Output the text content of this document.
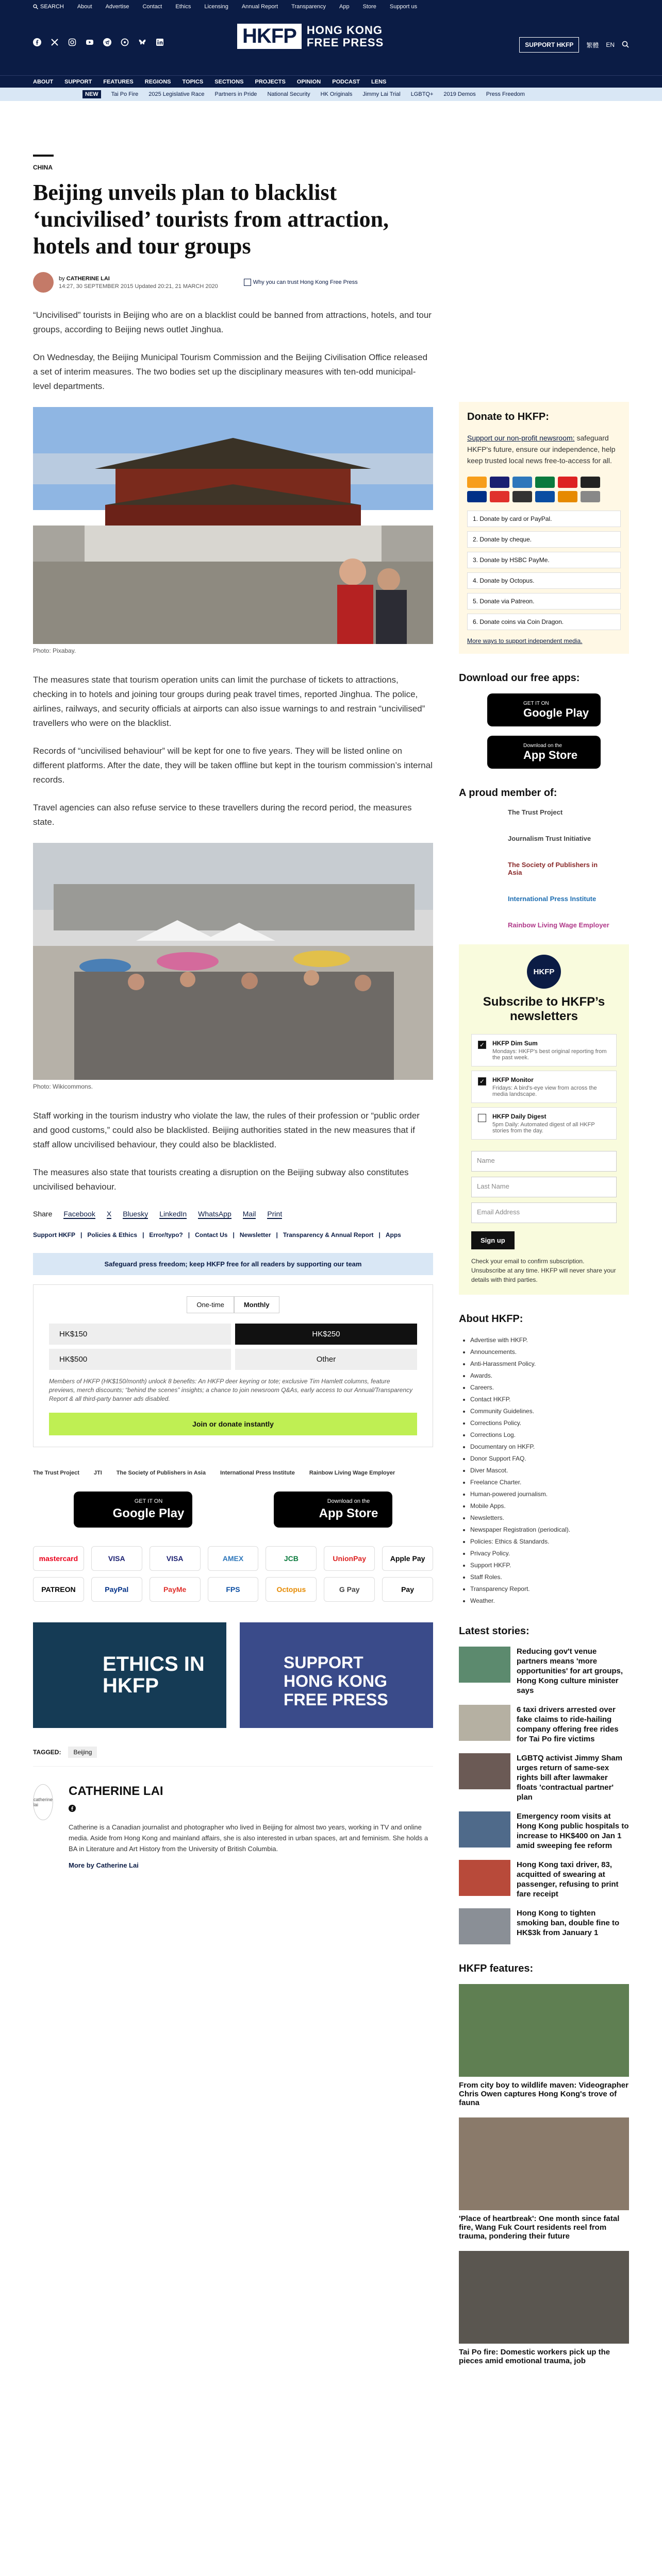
SEARCH About Advertise Contact Ethics Licensing Annual Report Transparency App Store Support us
HKFP HONG KONG
FREE PRESS	SUPPORT HKFP	繁體 EN
ABOUT SUPPORT FEATURES REGIONS TOPICS SECTIONS PROJECTS OPINION PODCAST LENS
NEW	Tai Po Fire 2025 Legislative Race Partners in Pride National Security HK Originals Jimmy Lai Trial LGBTQ+ 2019 Demos Press Freedom
CHINA
Beijing unveils plan to blacklist ‘uncivilised’ tourists from attraction, hotels and tour groups
by CATHERINE LAI
14:27, 30 SEPTEMBER 2015 Updated 20:21, 21 MARCH 2020
Why you can trust Hong Kong Free Press

“Uncivilised” tourists in Beijing who are on a blacklist could be banned from attractions, hotels, and tour groups, according to Beijing news outlet Jinghua.

On Wednesday, the Beijing Municipal Tourism Commission and the Beijing Civilisation Office released a set of interim measures. The two bodies set up the disciplinary measures with ten-odd municipal-level departments.

Photo: Pixabay.

The measures state that tourism operation units can limit the purchase of tickets to attractions, checking in to hotels and joining tour groups during peak travel times, reported Jinghua. The police, airlines, railways, and security officials at airports can also issue warnings to and restrain “uncivilised” travellers who were on the blacklist.

Records of “uncivilised behaviour” will be kept for one to five years. They will be listed online on different platforms. After the date, they will be taken offline but kept in the tourism commission’s internal records.

Travel agencies can also refuse service to these travellers during the record period, the measures state.

Photo: Wikicommons.

Staff working in the tourism industry who violate the law, the rules of their profession or “public order and good customs,” could also be blacklisted. Beijing authorities stated in the new measures that if staff allow uncivilised behaviour, they could also be blacklisted.

The measures also state that tourists creating a disruption on the Beijing subway also constitutes uncivilised behaviour.

Share Facebook X Bluesky LinkedIn WhatsApp Mail Print
Support HKFP | Policies & Ethics | Error/typo? | Contact Us | Newsletter | Transparency & Annual Report | Apps
Safeguard press freedom; keep HKFP free for all readers by supporting our team
One-time	Monthly
HK$150	HK$250
HK$500	Other

Members of HKFP (HK$150/month) unlock 8 benefits: An HKFP deer keyring or tote; exclusive Tim Hamlett columns, feature previews, merch discounts; “behind the scenes” insights; a chance to join newsroom Q&As, early access to our Annual/Transparency Report & all third-party banner ads disabled.

Join or donate instantly
The Trust Project	JTI	The Society of Publishers in Asia	International Press Institute	Rainbow Living Wage Employer
GET IT ON
Google Play
Download on the
App Store
mastercard	VISA	VISA	AMEX	JCB	UnionPay	Apple Pay
PATREON	PayPal	PayMe	FPS	Octopus	G Pay	Pay
ETHICS IN HKFP
SUPPORT HONG KONG FREE PRESS
TAGGED:	Beijing
catherine lai
CATHERINE LAI

Catherine is a Canadian journalist and photographer who lived in Beijing for almost two years, working in TV and online media. Aside from Hong Kong and mainland affairs, she is also interested in urban spaces, art and feminism. She holds a BA in Literature and Art History from the University of British Columbia.

More by Catherine Lai
Donate to HKFP:

Support our non-profit newsroom: safeguard HKFP's future, ensure our independence, help keep trusted local news free-to-access for all.

1. Donate by card or PayPal.
2. Donate by cheque.
3. Donate by HSBC PayMe.
4. Donate by Octopus.
5. Donate via Patreon.
6. Donate coins via Coin Dragon.
More ways to support independent media.
Download our free apps:
GET IT ON
Google Play
Download on the
App Store
A proud member of:
The Trust Project
Journalism Trust Initiative
The Society of Publishers in Asia
International Press Institute
Rainbow Living Wage Employer
HKFP
Subscribe to HKFP’s newsletters
✓ HKFP Dim Sum
Mondays: HKFP's best original reporting from the past week.
✓ HKFP Monitor
Fridays: A bird's-eye view from across the media landscape.
HKFP Daily Digest
5pm Daily: Automated digest of all HKFP stories from the day.
Name
Last Name
Email Address
Sign up

Check your email to confirm subscription. Unsubscribe at any time. HKFP will never share your details with third parties.

About HKFP:
• Advertise with HKFP.
• Announcements.
• Anti-Harassment Policy.
• Awards.
• Careers.
• Contact HKFP.
• Community Guidelines.
• Corrections Policy.
• Corrections Log.
• Documentary on HKFP.
• Donor Support FAQ.
• Diver Mascot.
• Freelance Charter.
• Human-powered journalism.
• Mobile Apps.
• Newsletters.
• Newspaper Registration (periodical).
• Policies: Ethics & Standards.
• Privacy Policy.
• Support HKFP.
• Staff Roles.
• Transparency Report.
• Weather.
Latest stories:

Reducing gov't venue partners means 'more opportunities' for art groups, Hong Kong culture minister says

6 taxi drivers arrested over fake claims to ride-hailing company offering free rides for Tai Po fire victims

LGBTQ activist Jimmy Sham urges return of same-sex rights bill after lawmaker floats 'contractual partner' plan

Emergency room visits at Hong Kong public hospitals to increase to HK$400 on Jan 1 amid sweeping fee reform

Hong Kong taxi driver, 83, acquitted of swearing at passenger, refusing to print fare receipt

Hong Kong to tighten smoking ban, double fine to HK$3k from January 1

HKFP features:

From city boy to wildlife maven: Videographer Chris Owen captures Hong Kong's trove of fauna

'Place of heartbreak': One month since fatal fire, Wang Fuk Court residents reel from trauma, pondering their future

Tai Po fire: Domestic workers pick up the pieces amid emotional trauma, job
